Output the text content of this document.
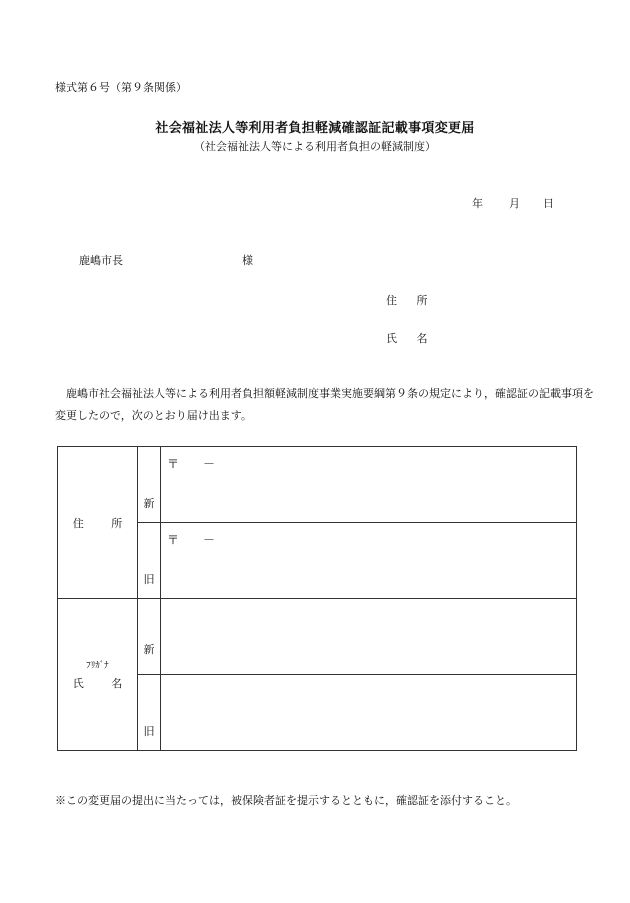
様式第６号（第９条関係）
社会福祉法人等利用者負担軽減確認証記載事項変更届
（社会福祉法人等による利用者負担の軽減制度）
年 月 日
鹿嶋市長	様
住 所
氏 名
鹿嶋市社会福祉法人等による利用者負担額軽減制度事業実施要綱第９条の規定により，確認証の記載事項を変更したので，次のとおり届け出ます。
住 所	新	〒 －

	旧	〒 －

ﾌﾘｶﾞﾅ
氏 名	新	

	旧	

※この変更届の提出に当たっては，被保険者証を提示するとともに，確認証を添付すること。
